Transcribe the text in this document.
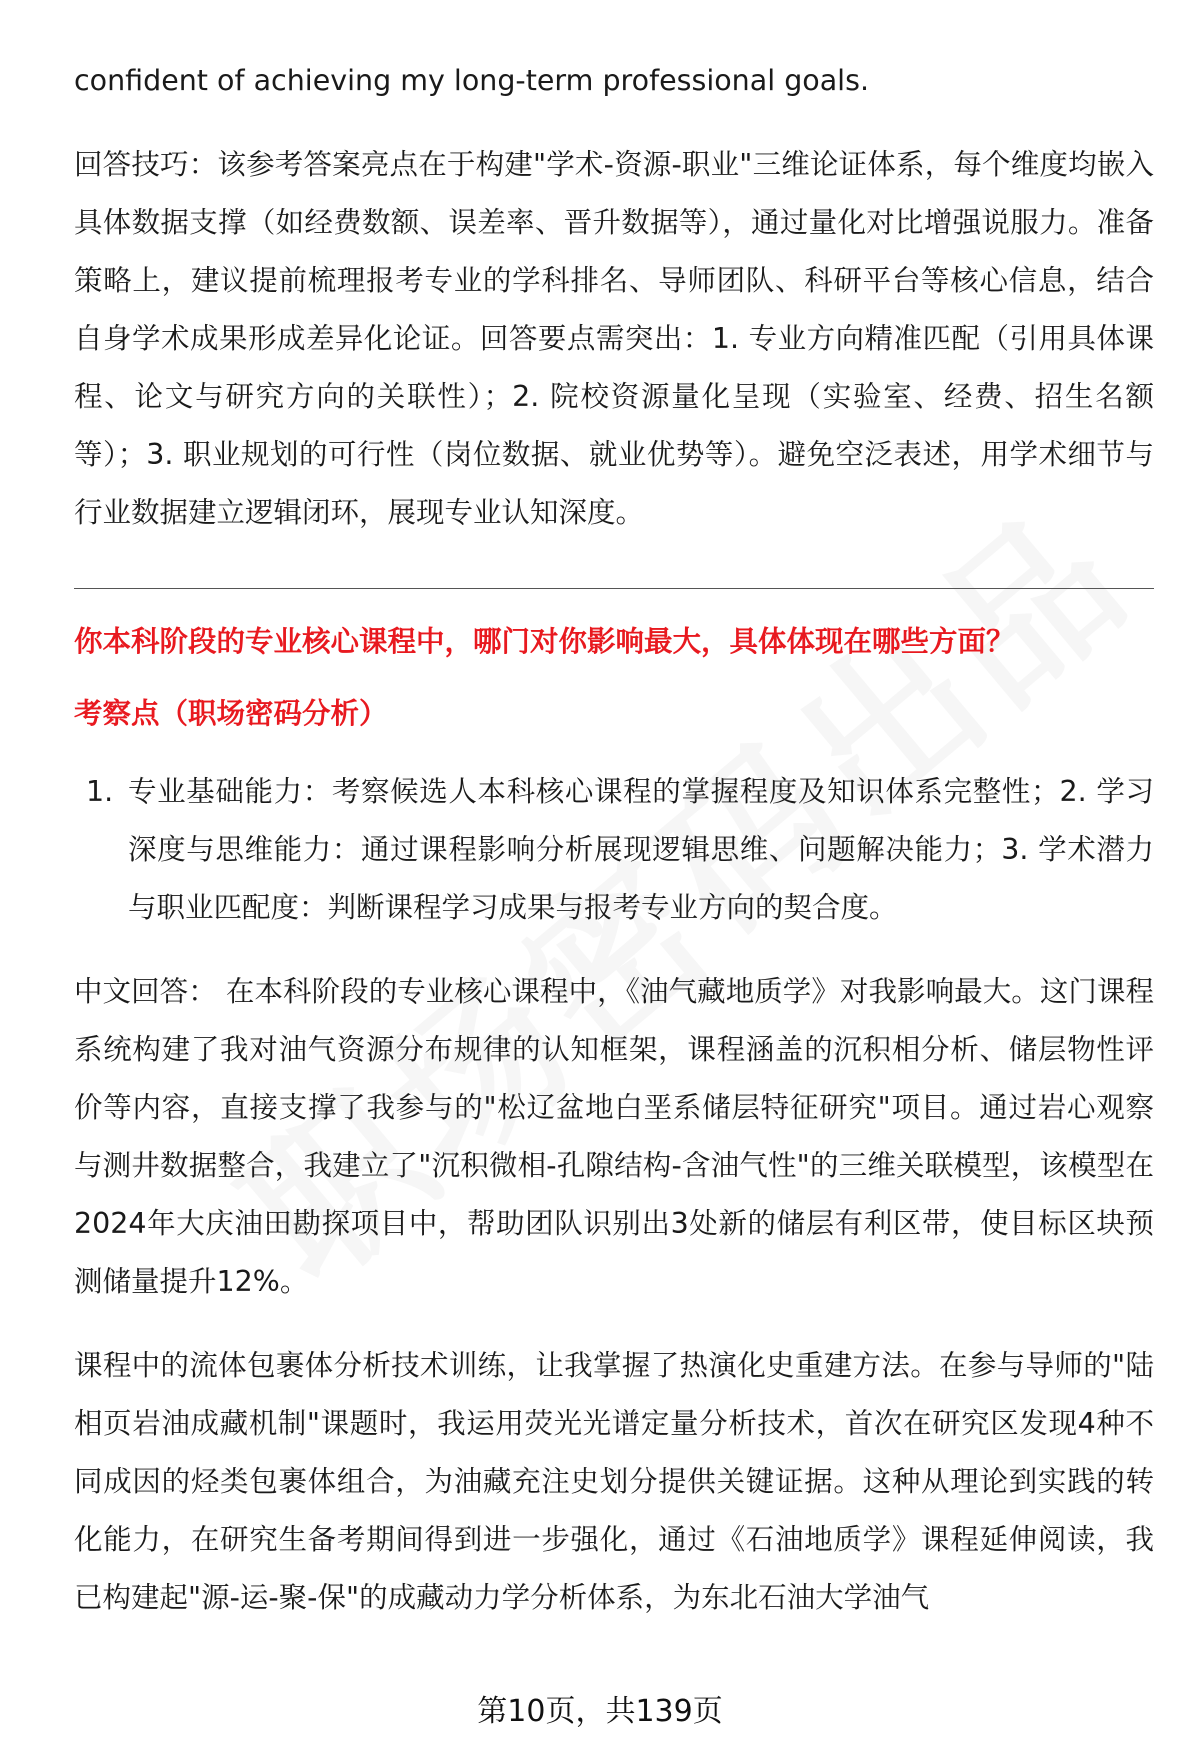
confident of achieving my long-term professional goals.

回答技巧：该参考答案亮点在于构建"学术-资源-职业"三维论证体系，每个维度均嵌入具体数据支撑（如经费数额、误差率、晋升数据等），通过量化对比增强说服力。准备策略上，建议提前梳理报考专业的学科排名、导师团队、科研平台等核心信息，结合自身学术成果形成差异化论证。回答要点需突出：1. 专业方向精准匹配（引用具体课程、论文与研究方向的关联性）；2. 院校资源量化呈现（实验室、经费、招生名额等）；3. 职业规划的可行性（岗位数据、就业优势等）。避免空泛表述，用学术细节与行业数据建立逻辑闭环，展现专业认知深度。

你本科阶段的专业核心课程中，哪门对你影响最大，具体体现在哪些方面？

考察点（职场密码分析）

1. 专业基础能力：考察候选人本科核心课程的掌握程度及知识体系完整性；2. 学习深度与思维能力：通过课程影响分析展现逻辑思维、问题解决能力；3. 学术潜力与职业匹配度：判断课程学习成果与报考专业方向的契合度。

中文回答： 在本科阶段的专业核心课程中，《油气藏地质学》对我影响最大。这门课程系统构建了我对油气资源分布规律的认知框架，课程涵盖的沉积相分析、储层物性评价等内容，直接支撑了我参与的"松辽盆地白垩系储层特征研究"项目。通过岩心观察与测井数据整合，我建立了"沉积微相-孔隙结构-含油气性"的三维关联模型，该模型在2024年大庆油田勘探项目中，帮助团队识别出3处新的储层有利区带，使目标区块预测储量提升12%。

课程中的流体包裹体分析技术训练，让我掌握了热演化史重建方法。在参与导师的"陆相页岩油成藏机制"课题时，我运用荧光光谱定量分析技术，首次在研究区发现4种不同成因的烃类包裹体组合，为油藏充注史划分提供关键证据。这种从理论到实践的转化能力，在研究生备考期间得到进一步强化，通过《石油地质学》课程延伸阅读，我已构建起"源-运-聚-保"的成藏动力学分析体系，为东北石油大学油气

第10页，共139页
